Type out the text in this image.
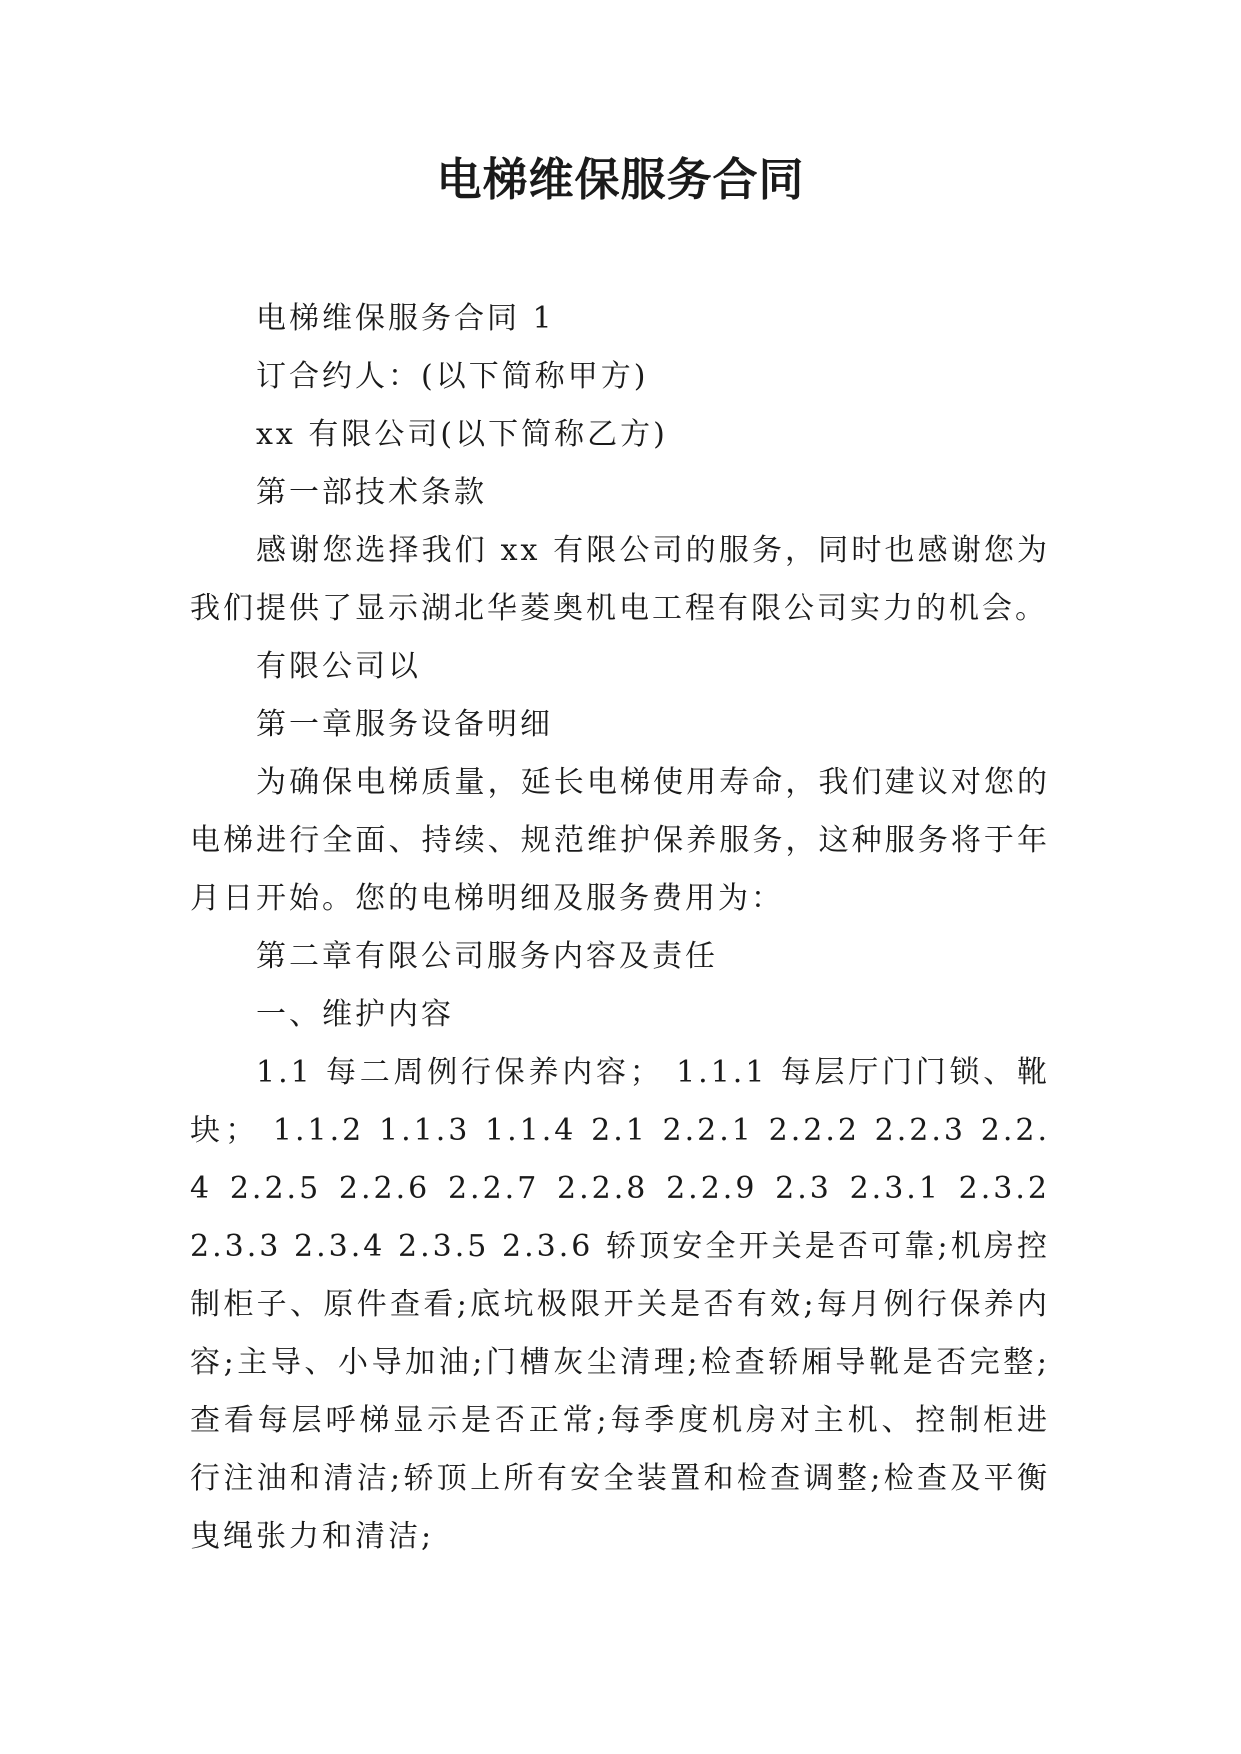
电梯维保服务合同

电梯维保服务合同 1

订合约人：(以下简称甲方)

xx 有限公司(以下简称乙方)

第一部技术条款

感谢您选择我们 xx 有限公司的服务，同时也感谢您为我们提供了显示湖北华菱奥机电工程有限公司实力的机会。

有限公司以

第一章服务设备明细

为确保电梯质量，延长电梯使用寿命，我们建议对您的电梯进行全面、持续、规范维护保养服务，这种服务将于年月日开始。您的电梯明细及服务费用为：

第二章有限公司服务内容及责任

一、维护内容

1.1 每二周例行保养内容； 1.1.1 每层厅门门锁、靴块； 1.1.2 1.1.3 1.1.4 2.1 2.2.1 2.2.2 2.2.3 2.2.4 2.2.5 2.2.6 2.2.7 2.2.8 2.2.9 2.3 2.3.1 2.3.2 2.3.3 2.3.4 2.3.5 2.3.6 轿顶安全开关是否可靠;机房控制柜子、原件查看;底坑极限开关是否有效;每月例行保养内容;主导、小导加油;门槽灰尘清理;检查轿厢导靴是否完整;查看每层呼梯显示是否正常;每季度机房对主机、控制柜进行注油和清洁;轿顶上所有安全装置和检查调整;检查及平衡曳绳张力和清洁;
